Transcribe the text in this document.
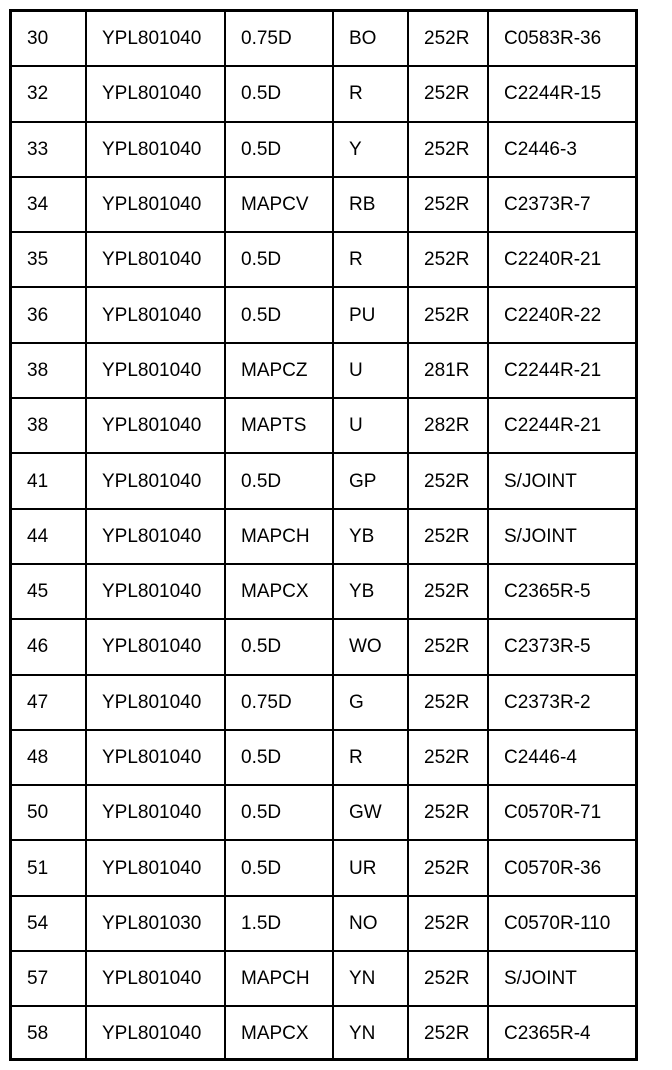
30	YPL801040	0.75D	BO	252R	C0583R-36
32	YPL801040	0.5D	R	252R	C2244R-15
33	YPL801040	0.5D	Y	252R	C2446-3
34	YPL801040	MAPCV	RB	252R	C2373R-7
35	YPL801040	0.5D	R	252R	C2240R-21
36	YPL801040	0.5D	PU	252R	C2240R-22
38	YPL801040	MAPCZ	U	281R	C2244R-21
38	YPL801040	MAPTS	U	282R	C2244R-21
41	YPL801040	0.5D	GP	252R	S/JOINT
44	YPL801040	MAPCH	YB	252R	S/JOINT
45	YPL801040	MAPCX	YB	252R	C2365R-5
46	YPL801040	0.5D	WO	252R	C2373R-5
47	YPL801040	0.75D	G	252R	C2373R-2
48	YPL801040	0.5D	R	252R	C2446-4
50	YPL801040	0.5D	GW	252R	C0570R-71
51	YPL801040	0.5D	UR	252R	C0570R-36
54	YPL801030	1.5D	NO	252R	C0570R-110
57	YPL801040	MAPCH	YN	252R	S/JOINT
58	YPL801040	MAPCX	YN	252R	C2365R-4
